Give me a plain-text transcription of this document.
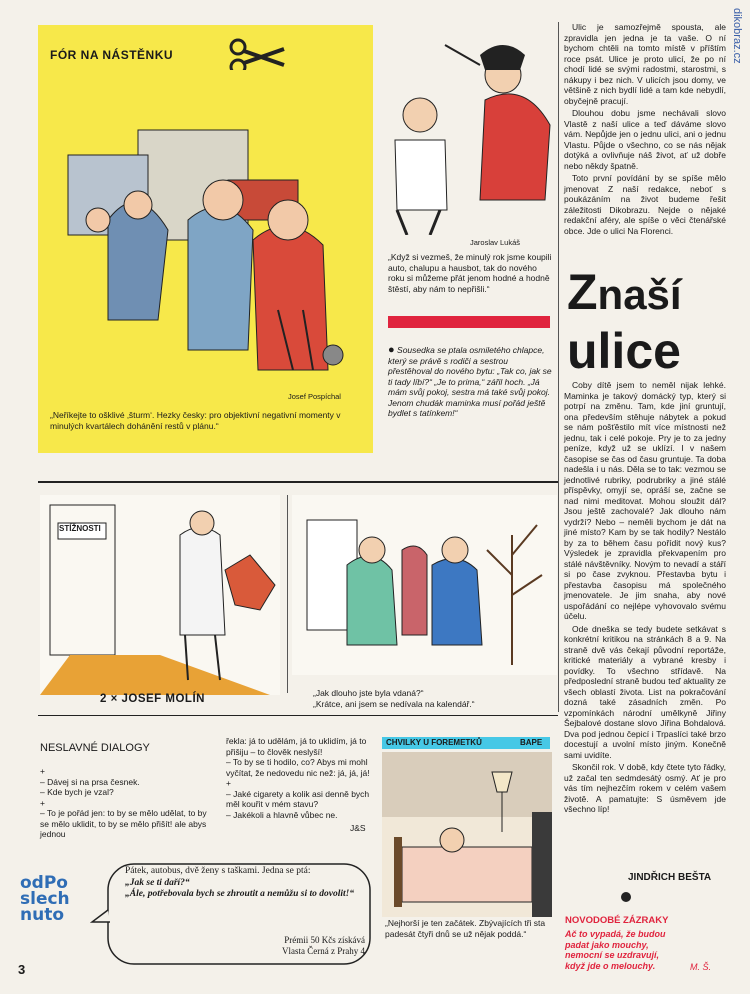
dikobraz.cz
FÓR NA NÁSTĚNKU
Josef Pospíchal
„Neříkejte to ošklivé ‚šturm‘. Hezky česky: pro objektivní negativní momenty v minulých kvartálech dohánění restů v plánu.“
Jaroslav Lukáš
„Když si vezmeš, že minulý rok jsme koupili auto, chalupu a hausbot, tak do nového roku si můžeme přát jenom hodné a hodně štěstí, aby nám to nepřišli.“
● Sousedka se ptala osmiletého chlapce, který se právě s rodiči a sestrou přestěhoval do nového bytu: „Tak co, jak se ti tady líbí?“ „Je to prima,“ zářil hoch. „Já mám svůj pokoj, sestra má také svůj pokoj. Jenom chudák maminka musí pořád ještě bydlet s tatínkem!“
STÍŽNOSTI
2 × JOSEF MOLÍN	„Jak dlouho jste byla vdaná?“
„Krátce, ani jsem se nedívala na kalendář.“
NESLAVNÉ DIALOGY
+
– Dávej si na prsa česnek.
– Kde bych je vzal?
+
– To je pořád jen: to by se mělo udělat, to by se mělo uklidit, to by se mělo přišít! ale abys jednou
řekla: já to udělám, já to uklidím, já to přišiju – to člověk neslyší!
– To by se ti hodilo, co? Abys mi mohl vyčítat, že nedovedu nic než: já, já, já!
+
– Jaké cigarety a kolik asi denně bych měl kouřit v mém stavu?
– Jakékoli a hlavně vůbec ne.
J&S
CHVILKY U FOREMETKŮ	BAPE
„Nejhorší je ten začátek. Zbývajících tři sta padesát čtyři dnů se už nějak poddá.“
odPo
slech
nuto
Pátek, autobus, dvě ženy s taškami. Jedna se ptá:
„Jak se ti daří?“
„Ále, potřebovala bych se zhroutit a nemůžu si to dovolit!“
Prémii 50 Kčs získává
Vlasta Černá z Prahy 4
3

Ulic je samozřejmě spousta, ale zpravidla jen jedna je ta vaše. O ní bychom chtěli na tomto místě v příštím roce psát. Ulice je proto ulicí, že po ní chodí lidé se svými radostmi, starostmi, s nákupy i bez nich. V ulicích jsou domy, ve většině z nich bydlí lidé a tam kde nebydlí, obyčejně pracují.

Dlouhou dobu jsme nechávali slovo Vlastě z naší ulice a teď dáváme slovo vám. Nepůjde jen o jednu ulici, ani o jednu Vlastu. Půjde o všechno, co se nás nějak dotýká a ovlivňuje náš život, ať už dobře nebo někdy špatně.

Toto první povídání by se spíše mělo jmenovat Z naší redakce, neboť s poukázáním na život budeme řešit záležitosti Dikobrazu. Nejde o nějaké redakční aféry, ale spíše o věci čtenářské obce. Jde o ulici Na Florenci.

Znaší
ulice

Coby dítě jsem to neměl nijak lehké. Maminka je takový domácký typ, který si potrpí na změnu. Tam, kde jiní gruntují, ona především stěhuje nábytek a pokud se nám pošťěstilo mít více místnosti než jednu, tak i celé pokoje. Pry je to za jedny peníze, když už se uklízí. I v našem časopise se čas od času gruntuje. Ta doba nadešla i u nás. Děla se to tak: vezmou se jednotlivé rubriky, podrubriky a jiné stálé příspěvky, omyjí se, opráší se, začne se nad nimi meditovat. Mohou sloužit dál? Jsou ještě zachovalé? Jak dlouho nám vydrží? Nebo – neměli bychom je dát na jiné místo? Kam by se tak hodily? Nestálo by za to během času pořídit nový kus? Výsledek je zpravidla překvapením pro stálé návštěvníky. Novým to nevadí a stáří si po čase zvyknou. Přestavba bytu i přestavba časopisu má společného jmenovatele. Je jim snaha, aby nové uspořádání co nejlépe vyhovovalo svému účelu.

Ode dneška se tedy budete setkávat s konkrétní kritikou na stránkách 8 a 9. Na straně dvě vás čekají původní reportáže, kritické materiály a vybrané kresby i povídky. To všechno střídavě. Na předposlední straně budou teď aktuality ze všech oblastí života. List na pokračování dozná také zásadních změn. Po vzpomínkách národní umělkyně Jiřiny Šejbalové dostane slovo Jiřina Bohdalová. Dva pod jednou čepicí i Trpaslíci také brzo docestují a uvolní místo jiným. Konečně sami uvidíte.

Skončil rok. V době, kdy čtete tyto řádky, už začal ten sedmdesátý osmý. Ať je pro vás tím nejhezčím rokem v celém vašem životě. A pamatujte: S úsměvem jde všechno líp!

JINDŘICH BEŠTA
NOVODOBÉ ZÁZRAKY
Ač to vypadá, že budou padat jako mouchy, nemocní se uzdravují, když jde o melouchy.	M. Š.
